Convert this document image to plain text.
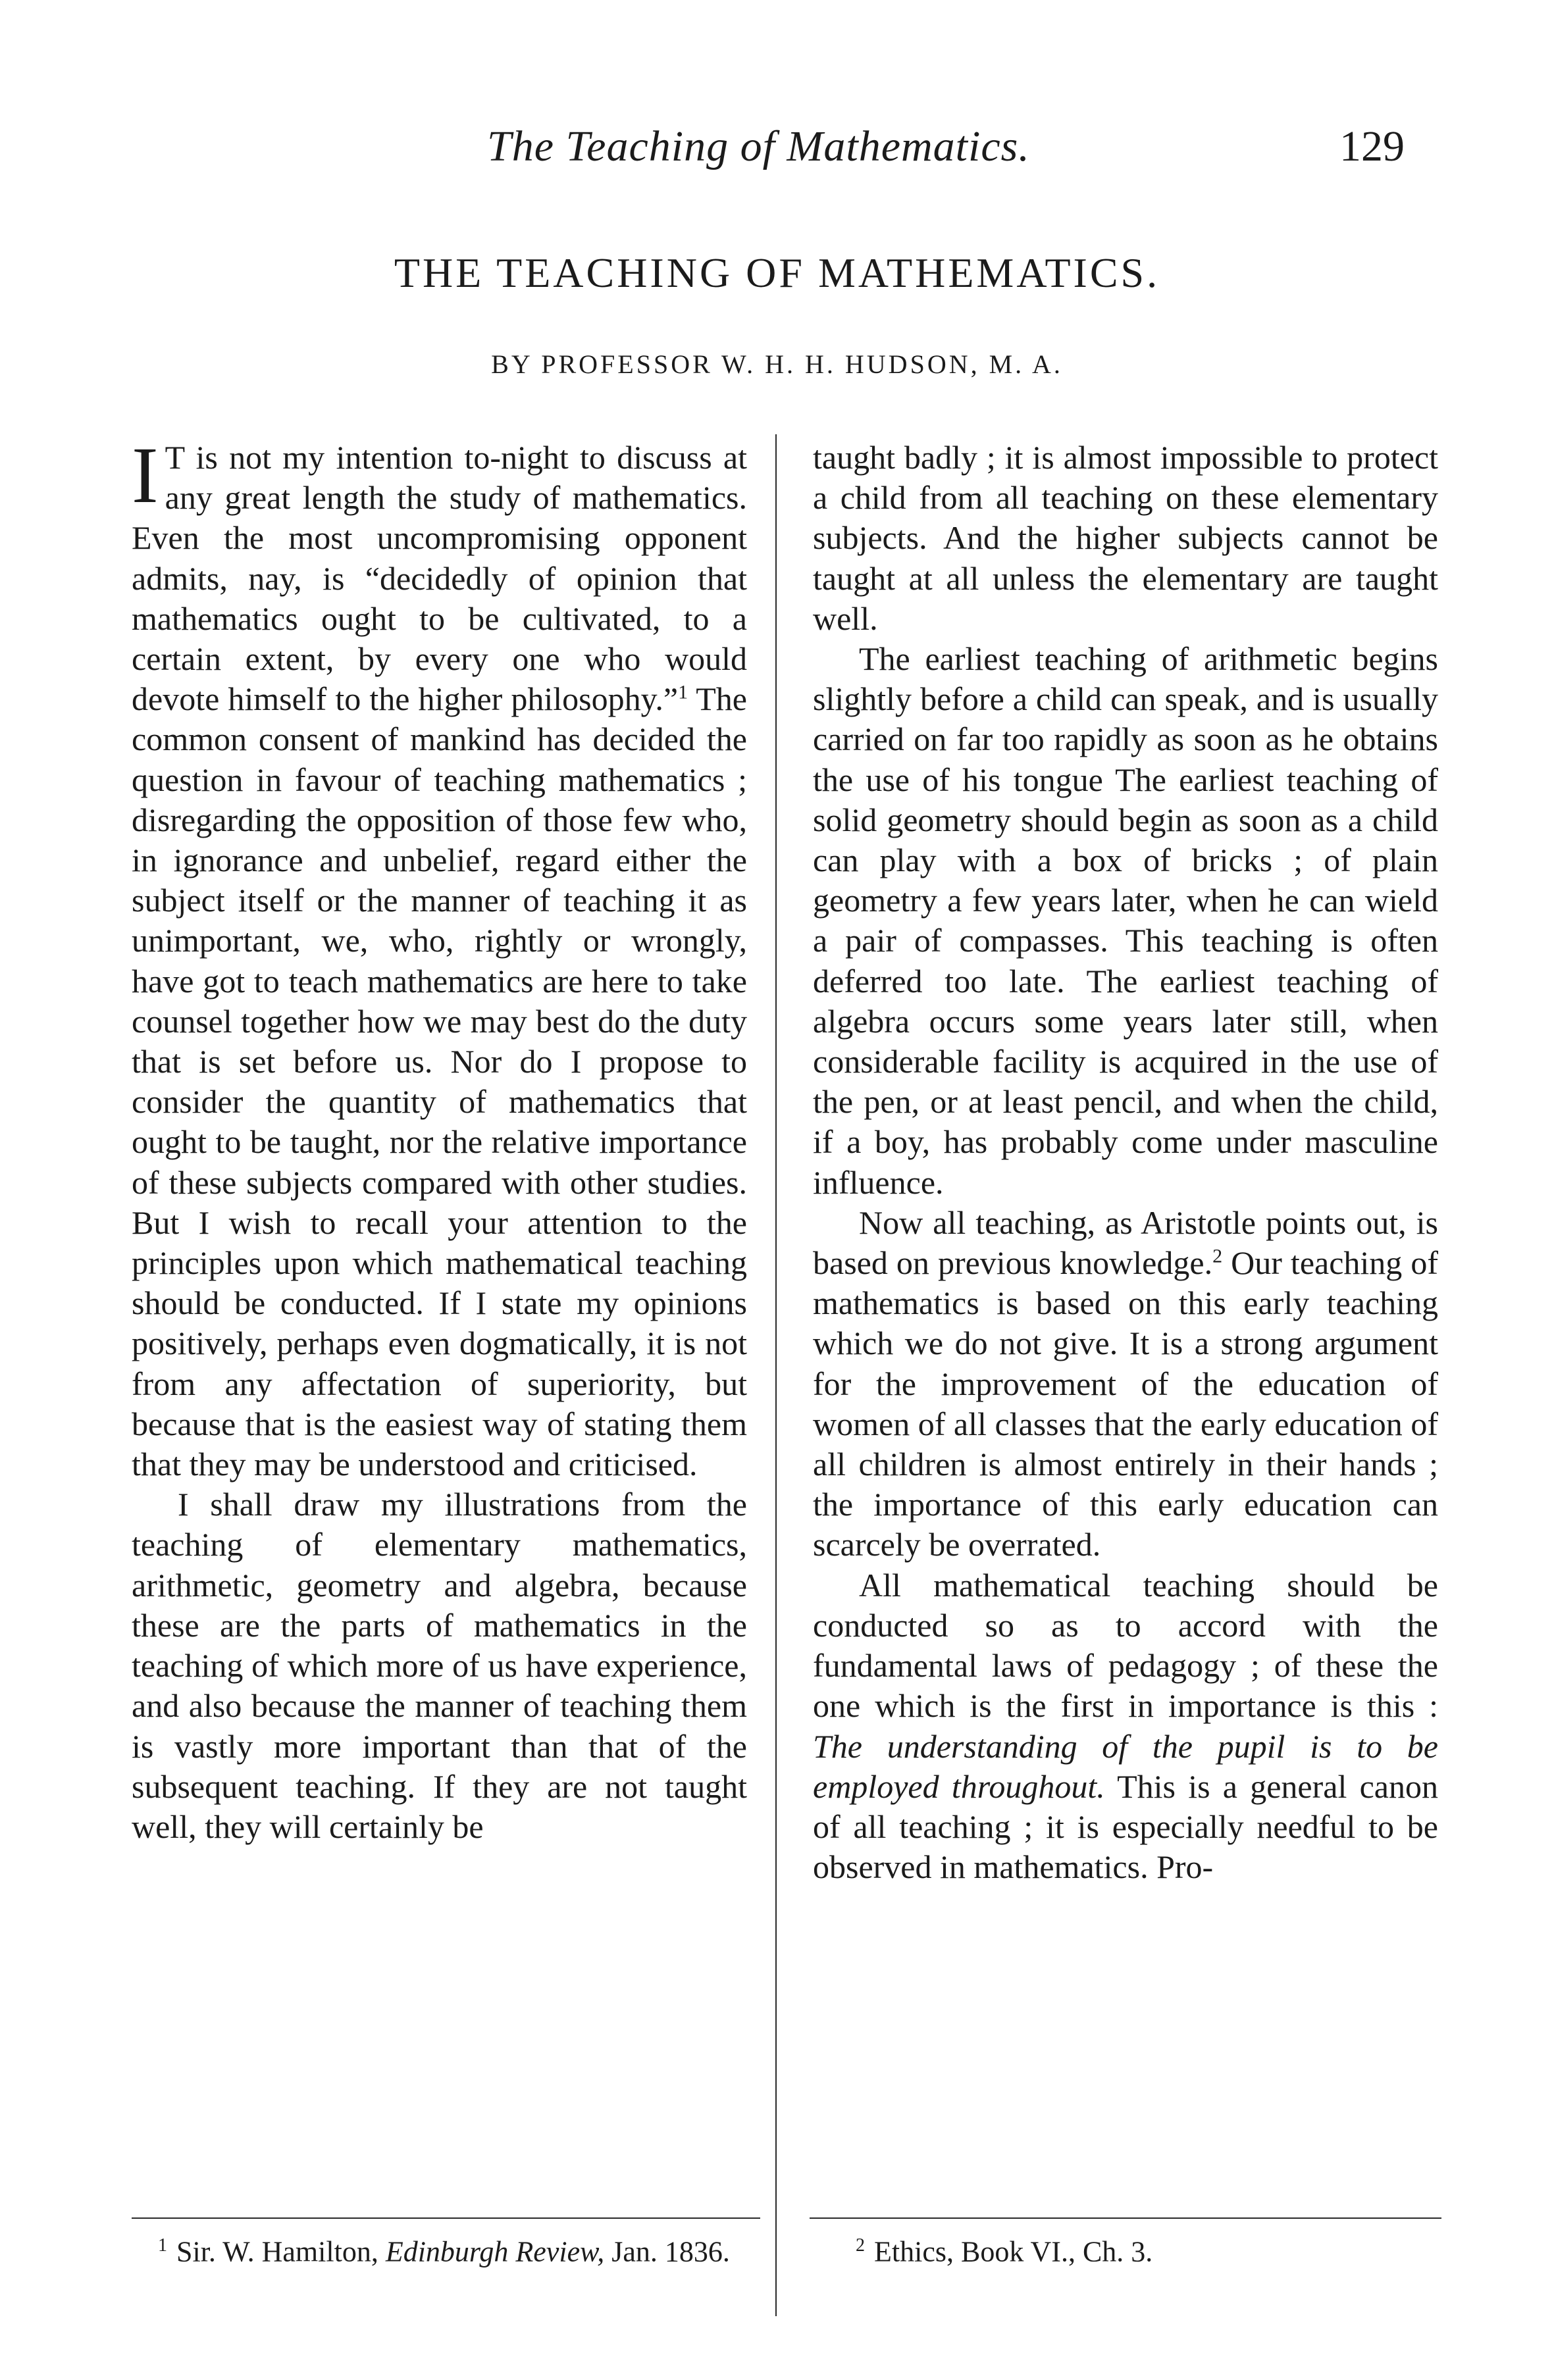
The Teaching of Mathematics.	129
THE TEACHING OF MATHEMATICS.
BY PROFESSOR W. H. H. HUDSON, M. A.

I T is not my intention to-night to discuss at any great length the study of mathematics. Even the most uncompromising opponent admits, nay, is “decidedly of opinion that mathematics ought to be cultivated, to a certain extent, by every one who would devote himself to the higher philosophy.”$^1$ The common consent of mankind has decided the question in favour of teaching mathematics ; disregarding the opposition of those few who, in ignorance and unbelief, regard either the subject itself or the manner of teaching it as unimportant, we, who, rightly or wrongly, have got to teach mathematics are here to take counsel together how we may best do the duty that is set before us. Nor do I propose to consider the quantity of mathematics that ought to be taught, nor the relative importance of these subjects compared with other studies. But I wish to recall your attention to the principles upon which mathematical teaching should be conducted. If I state my opinions positively, perhaps even dogmatically, it is not from any affectation of superiority, but because that is the easiest way of stating them that they may be understood and criticised.

I shall draw my illustrations from the teaching of elementary mathematics, arithmetic, geometry and algebra, because these are the parts of mathematics in the teaching of which more of us have experience, and also because the manner of teaching them is vastly more important than that of the subsequent teaching. If they are not taught well, they will certainly be

taught badly ; it is almost impossible to protect a child from all teaching on these elementary subjects. And the higher subjects cannot be taught at all unless the elementary are taught well.

The earliest teaching of arithmetic begins slightly before a child can speak, and is usually carried on far too rapidly as soon as he obtains the use of his tongue The earliest teaching of solid geometry should begin as soon as a child can play with a box of bricks ; of plain geometry a few years later, when he can wield a pair of compasses. This teaching is often deferred too late. The earliest teaching of algebra occurs some years later still, when considerable facility is acquired in the use of the pen, or at least pencil, and when the child, if a boy, has probably come under masculine influence.

Now all teaching, as Aristotle points out, is based on previous knowledge.$^2$ Our teaching of mathematics is based on this early teaching which we do not give. It is a strong argument for the improvement of the education of women of all classes that the early education of all children is almost entirely in their hands ; the importance of this early education can scarcely be overrated.

All mathematical teaching should be conducted so as to accord with the fundamental laws of pedagogy ; of these the one which is the first in importance is this : The understanding of the pupil is to be employed throughout. This is a general canon of all teaching ; it is especially needful to be observed in mathematics. Pro-

$^1$ Sir. W. Hamilton, Edinburgh Review, Jan. 1836.	$^2$ Ethics, Book VI., Ch. 3.
